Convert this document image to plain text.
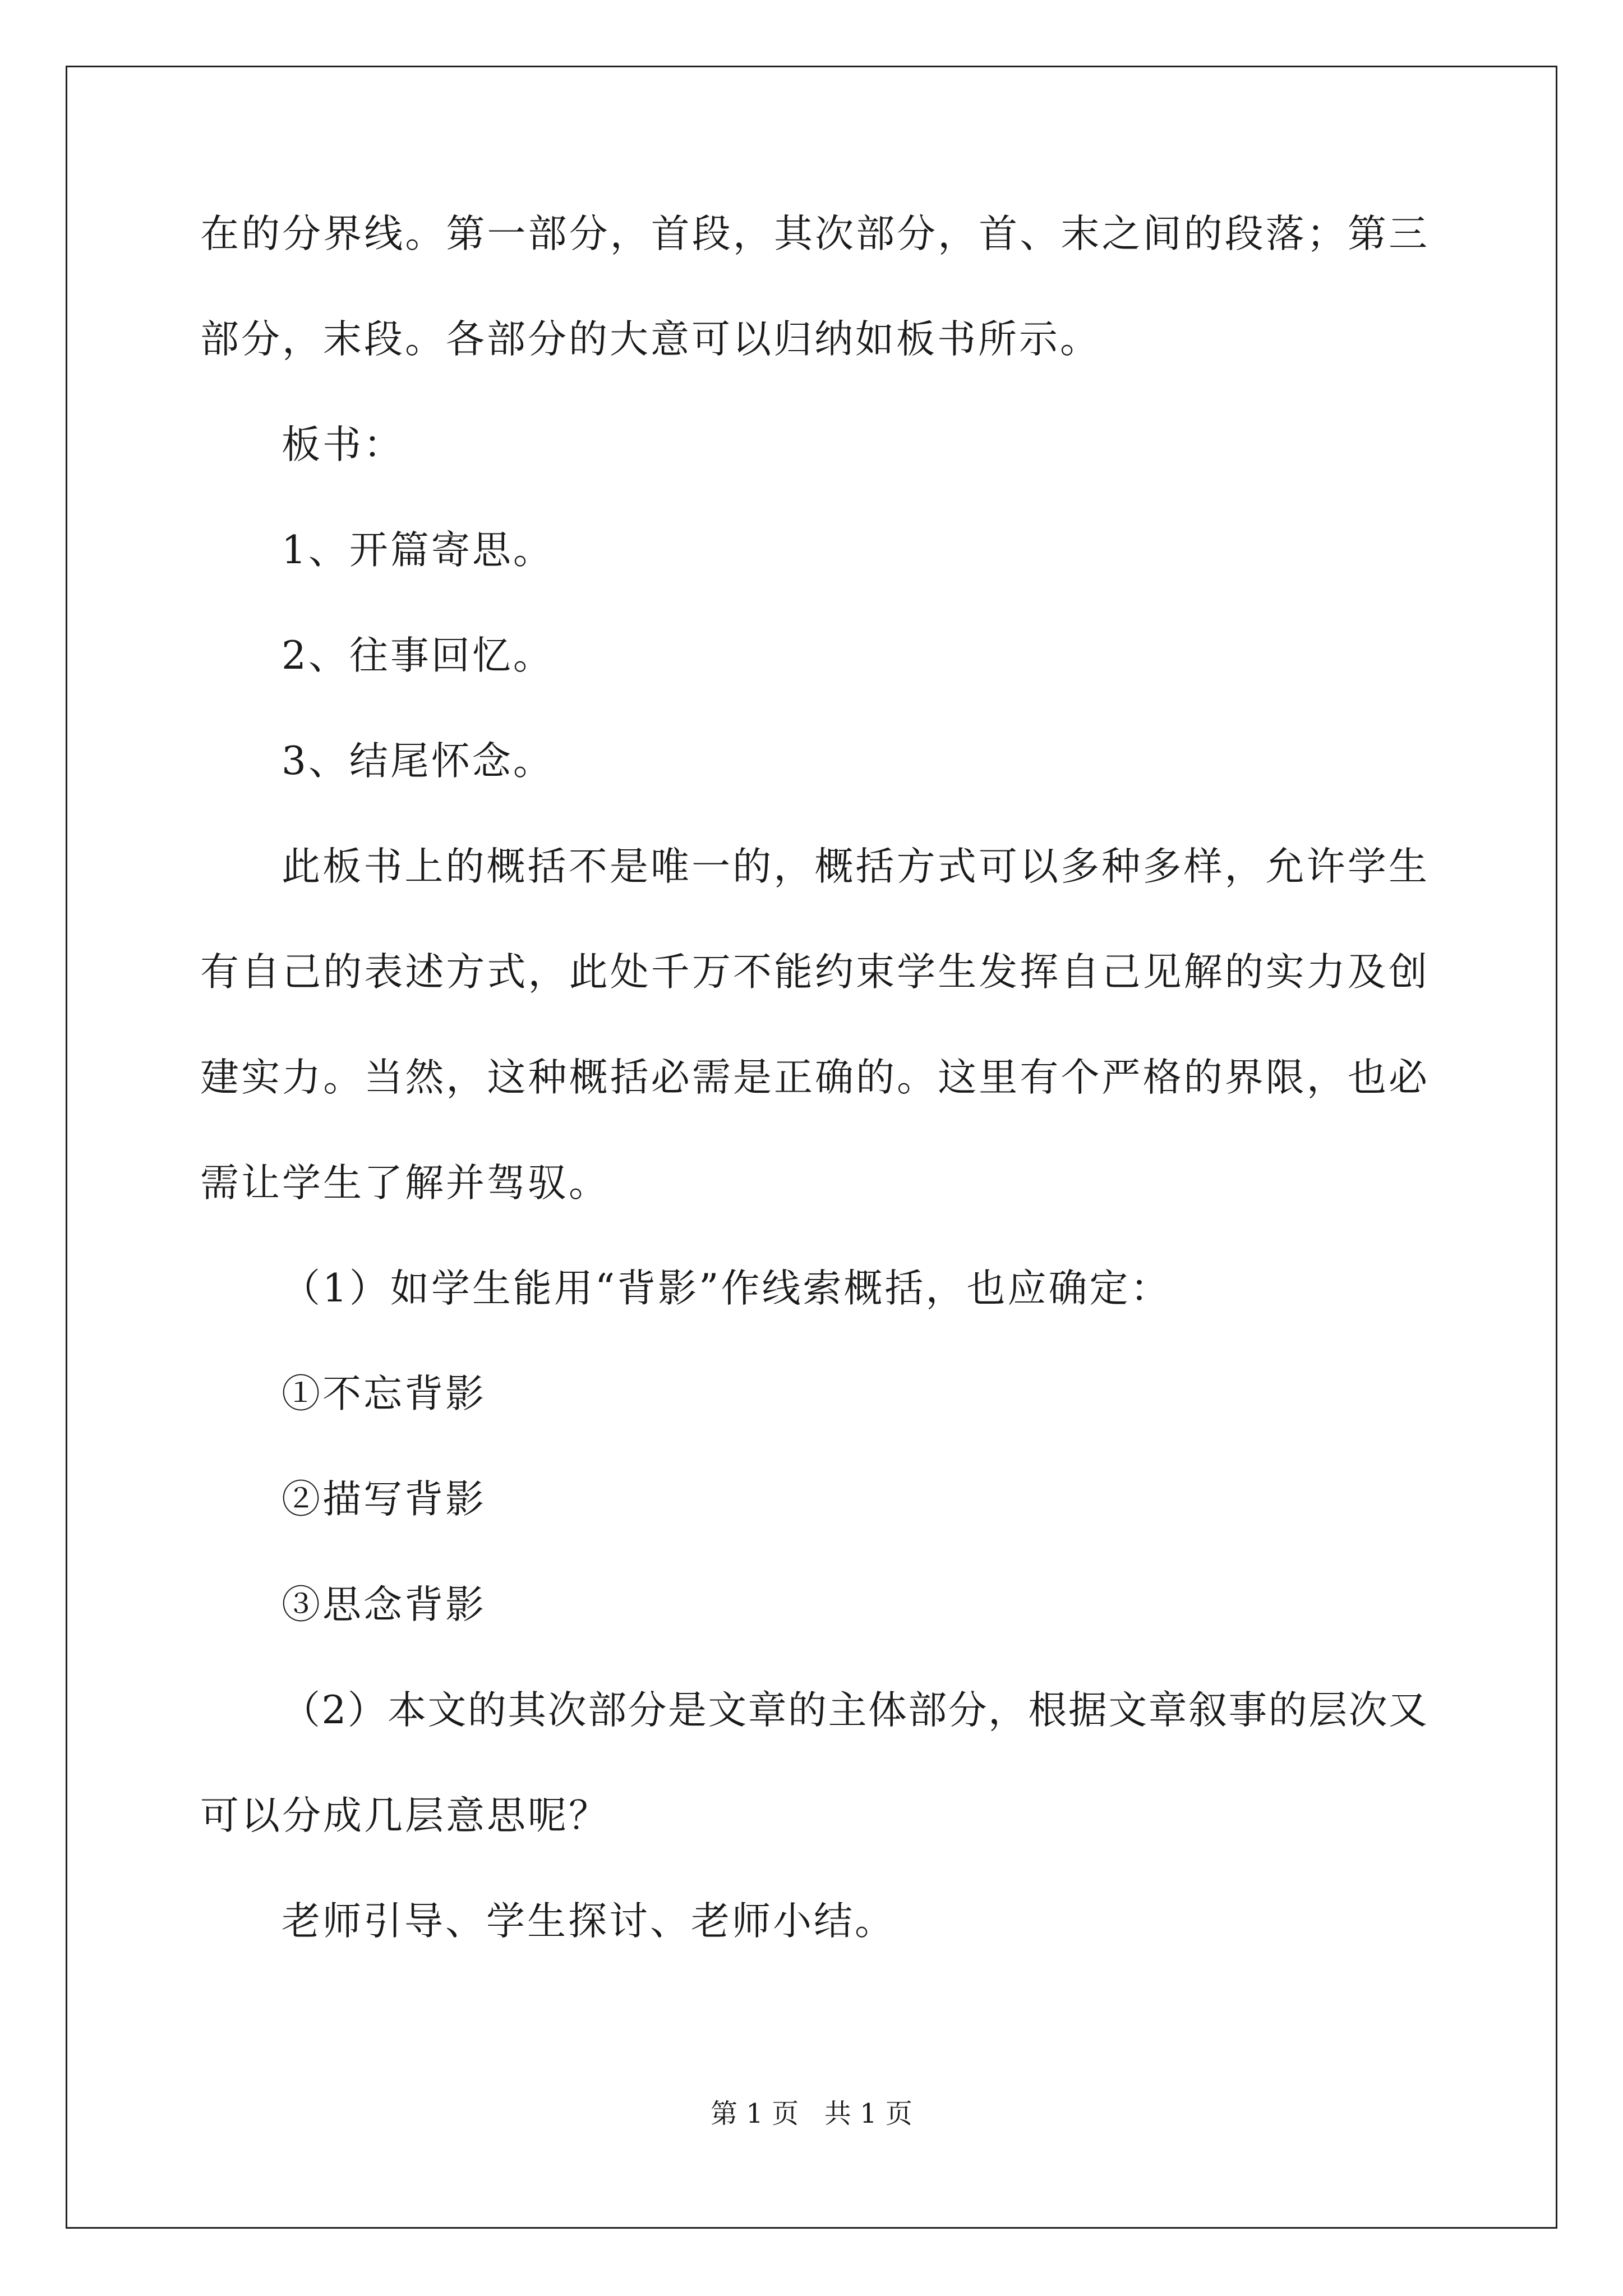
在的分界线。第一部分，首段，其次部分，首、末之间的段落；第三
部分，末段。各部分的大意可以归纳如板书所示。
板书：
1、开篇寄思。
2、往事回忆。
3、结尾怀念。
此板书上的概括不是唯一的，概括方式可以多种多样，允许学生
有自己的表述方式，此处千万不能约束学生发挥自己见解的实力及创
建实力。当然，这种概括必需是正确的。这里有个严格的界限，也必
需让学生了解并驾驭。
（1）如学生能用“背影”作线索概括，也应确定：
①不忘背影
②描写背影
③思念背影
（2）本文的其次部分是文章的主体部分，根据文章叙事的层次又
可以分成几层意思呢？
老师引导、学生探讨、老师小结。
第 1 页   共 1 页
